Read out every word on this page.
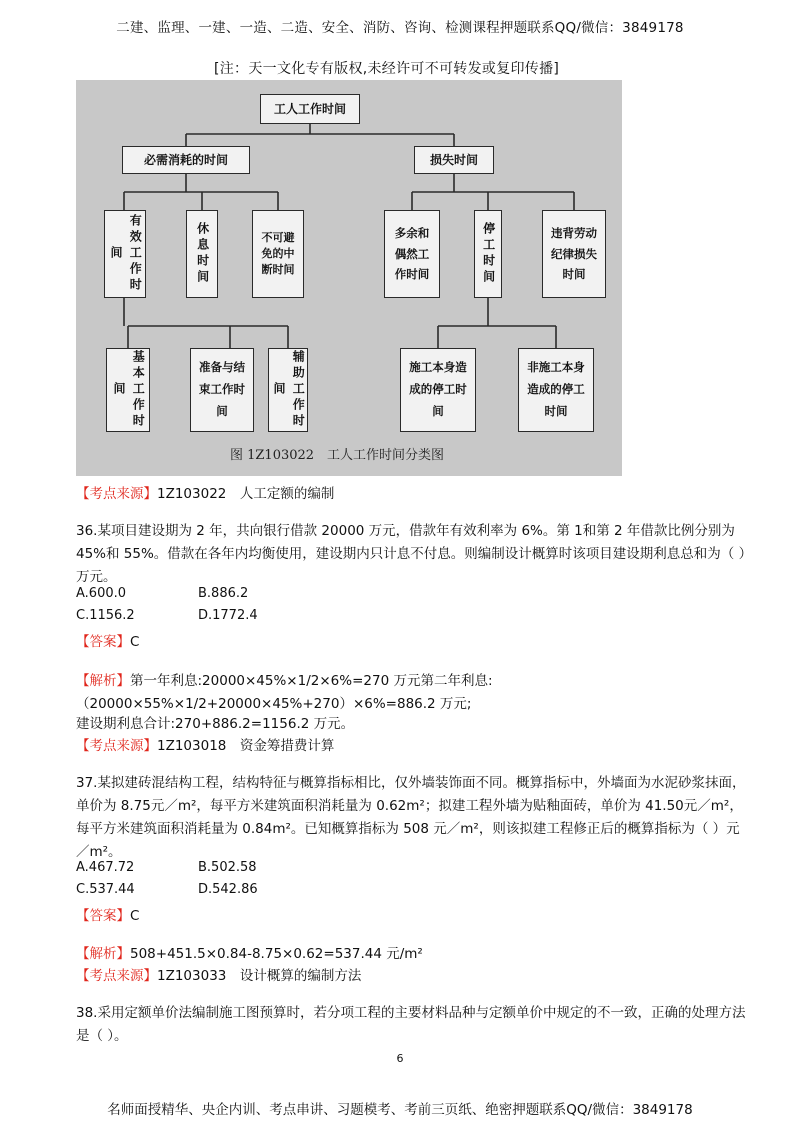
二建、监理、一建、一造、二造、安全、消防、咨询、检测课程押题联系QQ/微信：3849178
[注：天一文化专有版权,未经许可不可转发或复印传播]
工人工作时间
必需消耗的时间	损失时间
有效工作时间	休息时间	不可避免的中断时间
多余和偶然工作时间	停工时间	违背劳动纪律损失时间
基本工作时间
准备与结束工作时间	辅助工作时间
施工本身造成的停工时间
非施工本身造成的停工时间
图 1Z103022　工人工作时间分类图
【考点来源】1Z103022　人工定额的编制
36.某项目建设期为 2 年，共向银行借款 20000 万元，借款年有效利率为 6%。第 1和第 2 年借款比例分别为45%和 55%。借款在各年内均衡使用，建设期内只计息不付息。则编制设计概算时该项目建设期利息总和为（ ）万元。
A.600.0	B.886.2
C.1156.2	D.1772.4
【答案】C
【解析】第一年利息:20000×45%×1/2×6%=270 万元第二年利息:（20000×55%×1/2+20000×45%+270）×6%=886.2 万元;
建设期利息合计:270+886.2=1156.2 万元。
【考点来源】1Z103018　资金筹措费计算
37.某拟建砖混结构工程，结构特征与概算指标相比，仅外墙装饰面不同。概算指标中，外墙面为水泥砂浆抹面，单价为 8.75元／m²，每平方米建筑面积消耗量为 0.62m²；拟建工程外墙为贴釉面砖，单价为 41.50元／m²，每平方米建筑面积消耗量为 0.84m²。已知概算指标为 508 元／m²，则该拟建工程修正后的概算指标为（ ）元／m²。
A.467.72	B.502.58
C.537.44	D.542.86
【答案】C
【解析】508+451.5×0.84-8.75×0.62=537.44 元/m²
【考点来源】1Z103033　设计概算的编制方法
38.采用定额单价法编制施工图预算时，若分项工程的主要材料品种与定额单价中规定的不一致，正确的处理方法是（ ）。
6
名师面授精华、央企内训、考点串讲、习题模考、考前三页纸、绝密押题联系QQ/微信：3849178
